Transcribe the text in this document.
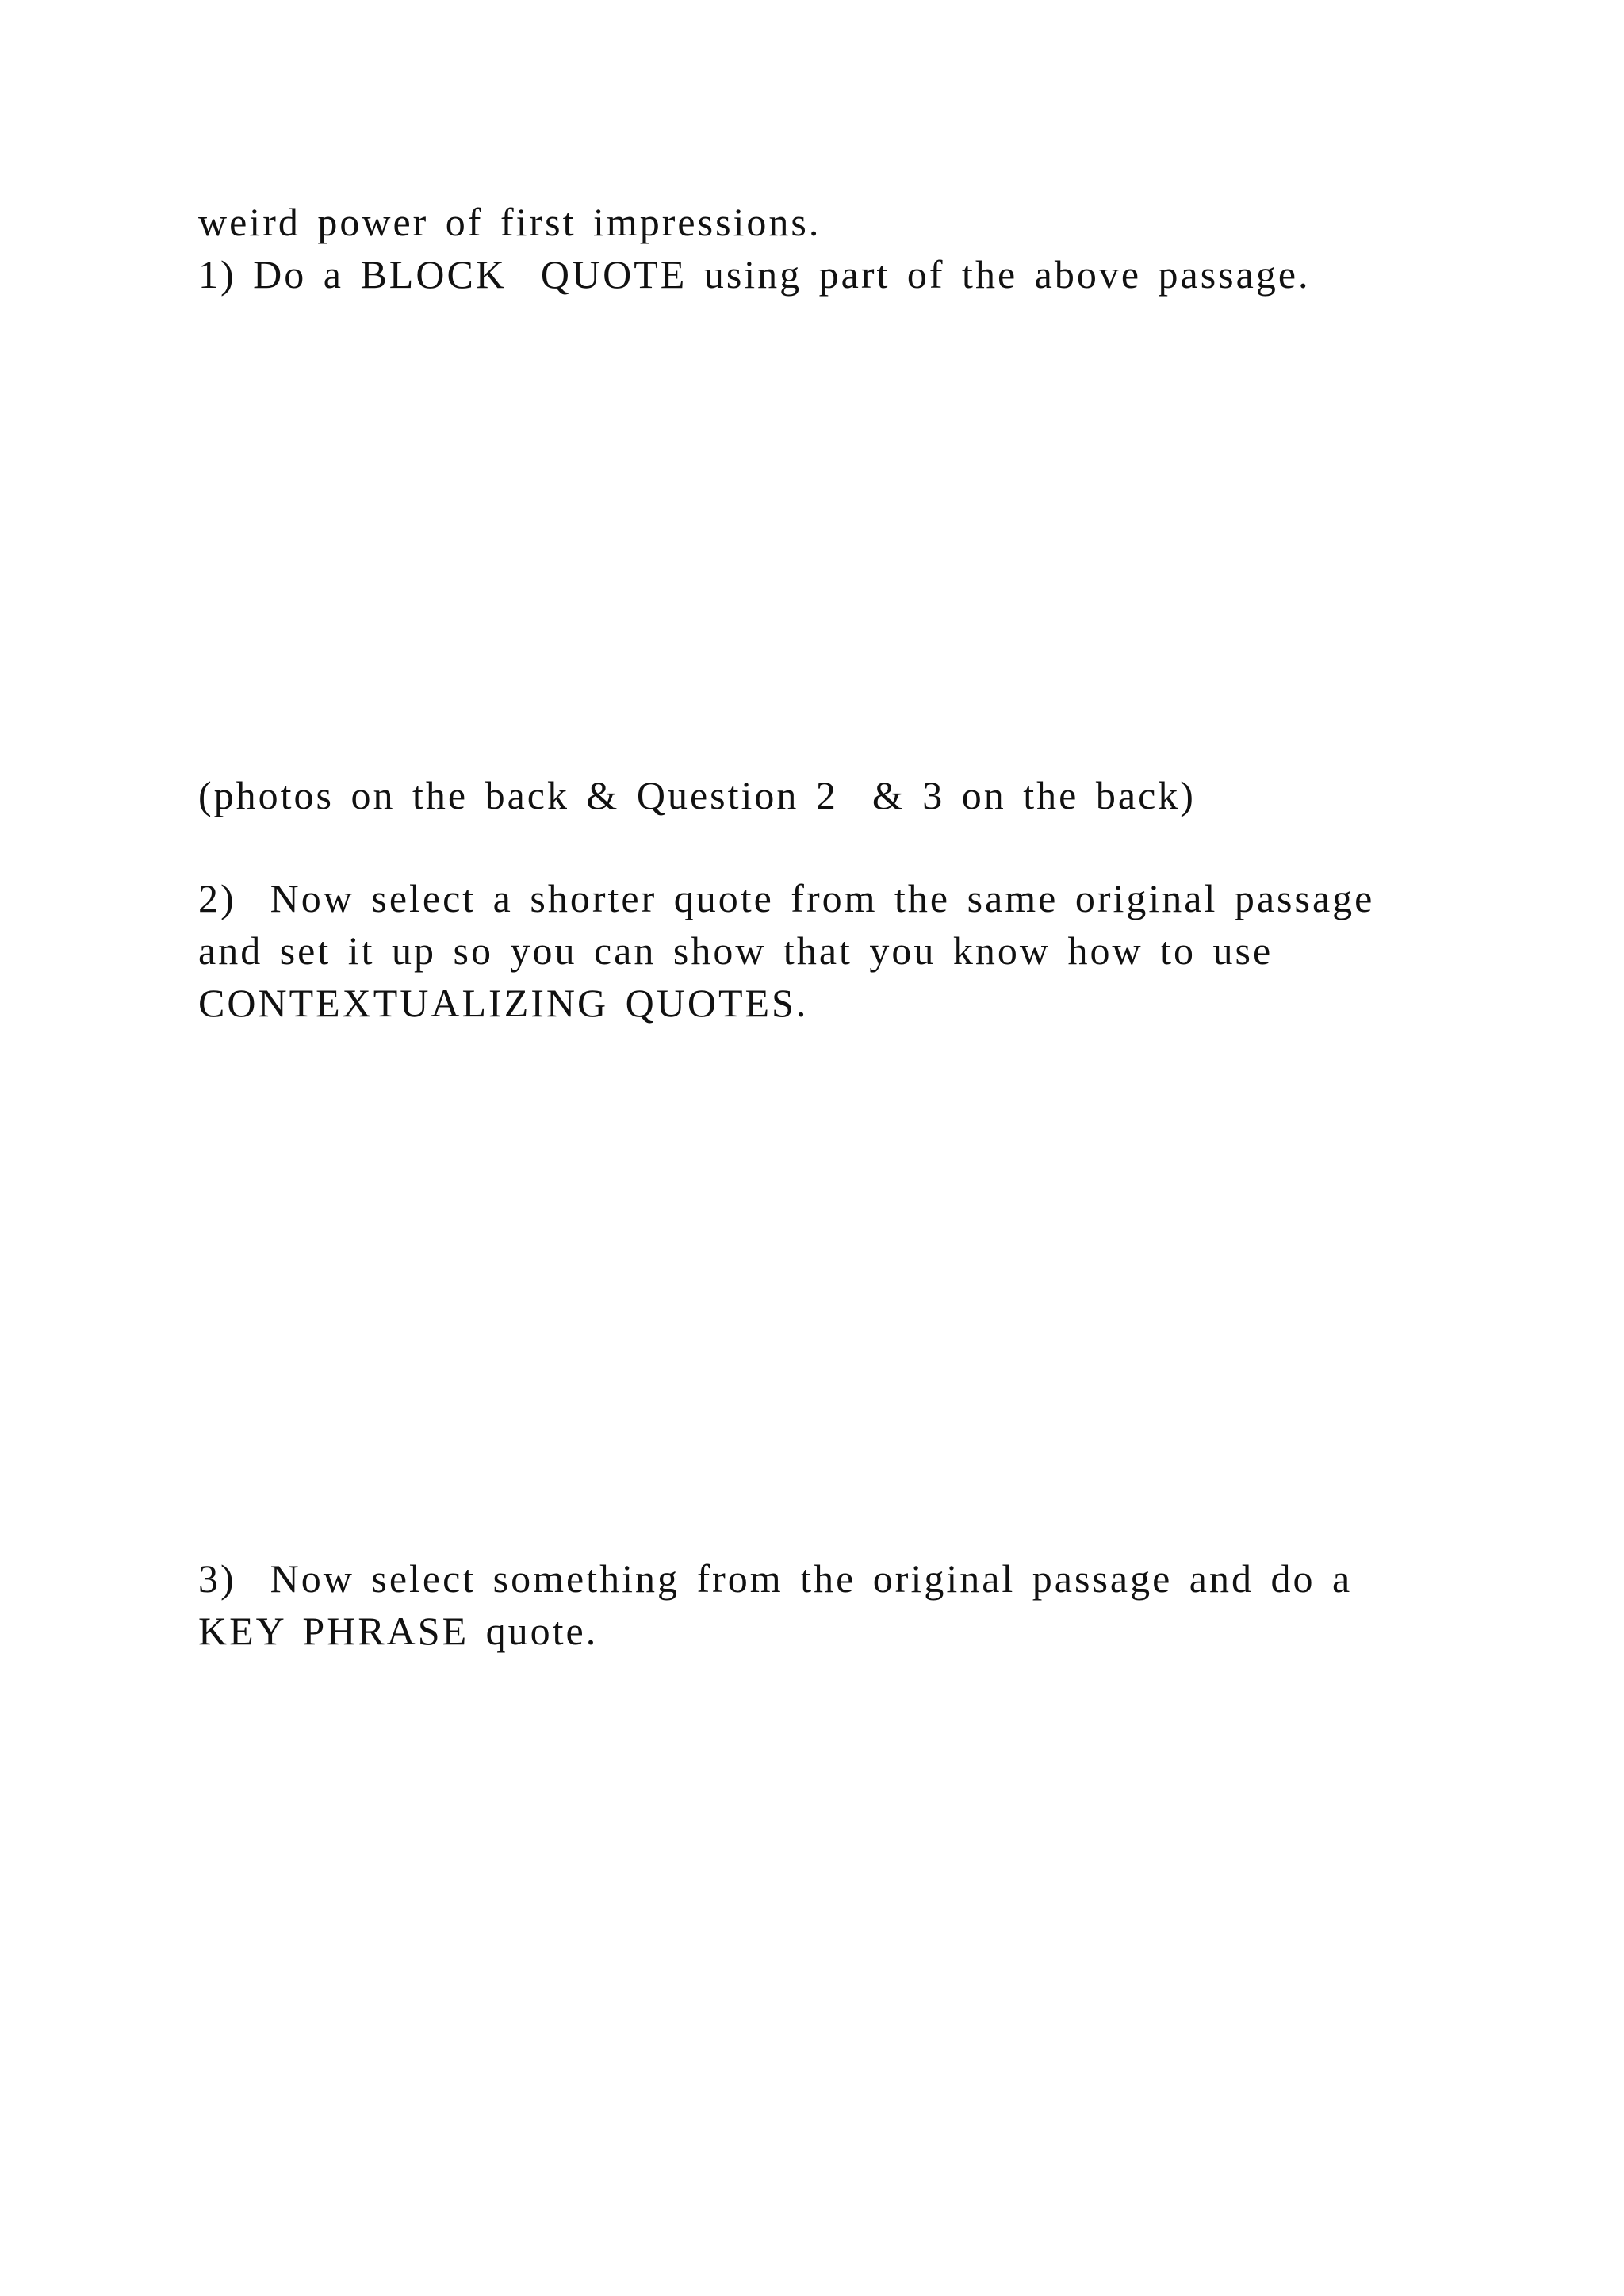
weird power of first impressions.
1) Do a BLOCK  QUOTE using part of the above passage.
(photos on the back & Question 2  & 3 on the back)
2)  Now select a shorter quote from the same original passage
and set it up so you can show that you know how to use
CONTEXTUALIZING QUOTES.
3)  Now select something from the original passage and do a
KEY PHRASE quote.
